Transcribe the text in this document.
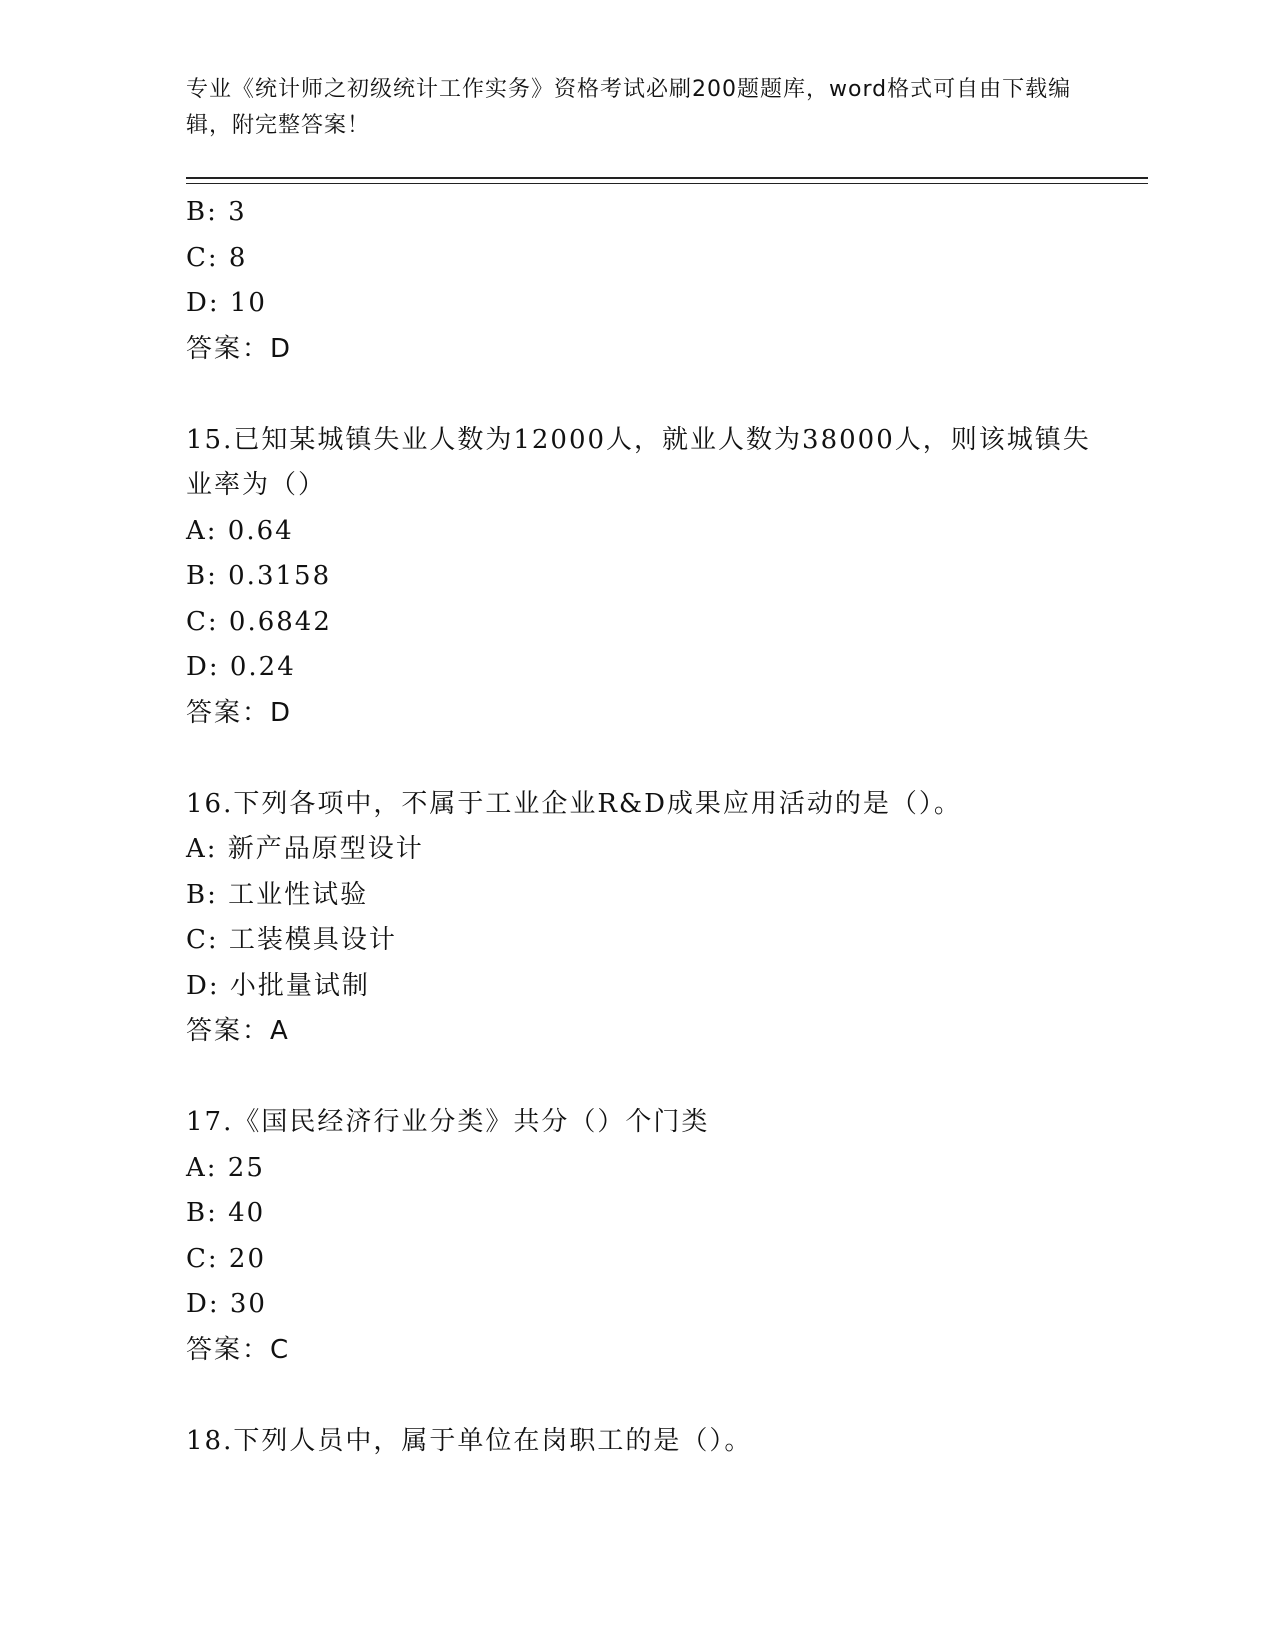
专业《统计师之初级统计工作实务》资格考试必刷200题题库，word格式可自由下载编辑，附完整答案！
B: 3
C: 8
D: 10
答案：D
15.已知某城镇失业人数为12000人，就业人数为38000人，则该城镇失业率为（）
A: 0.64
B: 0.3158
C: 0.6842
D: 0.24
答案：D
16.下列各项中，不属于工业企业R&D成果应用活动的是（）。
A: 新产品原型设计
B: 工业性试验
C: 工装模具设计
D: 小批量试制
答案：A
17.《国民经济行业分类》共分（）个门类
A: 25
B: 40
C: 20
D: 30
答案：C
18.下列人员中，属于单位在岗职工的是（）。
